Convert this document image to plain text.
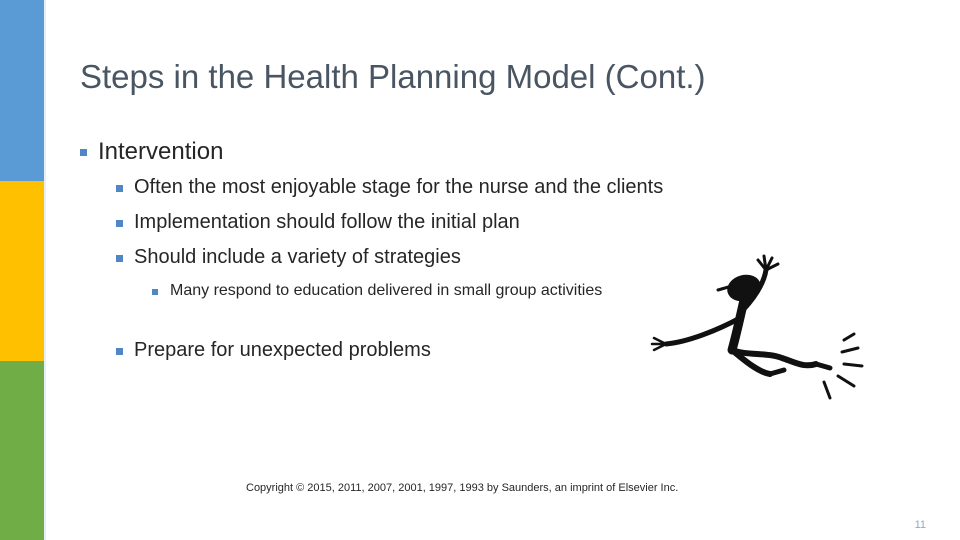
Steps in the Health Planning Model (Cont.)
Intervention
Often the most enjoyable stage for the nurse and the clients
Implementation should follow the initial plan
Should include a variety of strategies
Many respond to education delivered in small group activities
Prepare for unexpected problems
Copyright © 2015, 2011, 2007, 2001, 1997, 1993 by Saunders, an imprint of Elsevier Inc.
11
